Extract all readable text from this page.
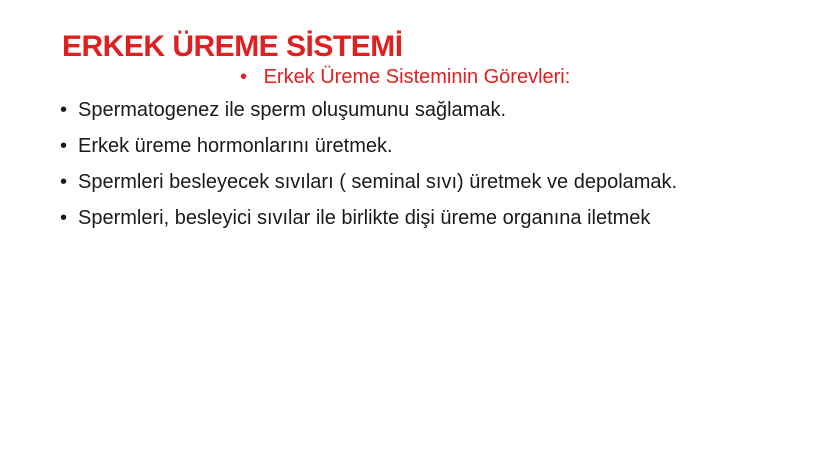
ERKEK ÜREME SİSTEMİ
• Erkek Üreme Sisteminin Görevleri:
• Spermatogenez ile sperm oluşumunu sağlamak.
• Erkek üreme hormonlarını üretmek.
• Spermleri besleyecek sıvıları ( seminal sıvı) üretmek ve depolamak.
• Spermleri, besleyici sıvılar ile birlikte dişi üreme organına iletmek
